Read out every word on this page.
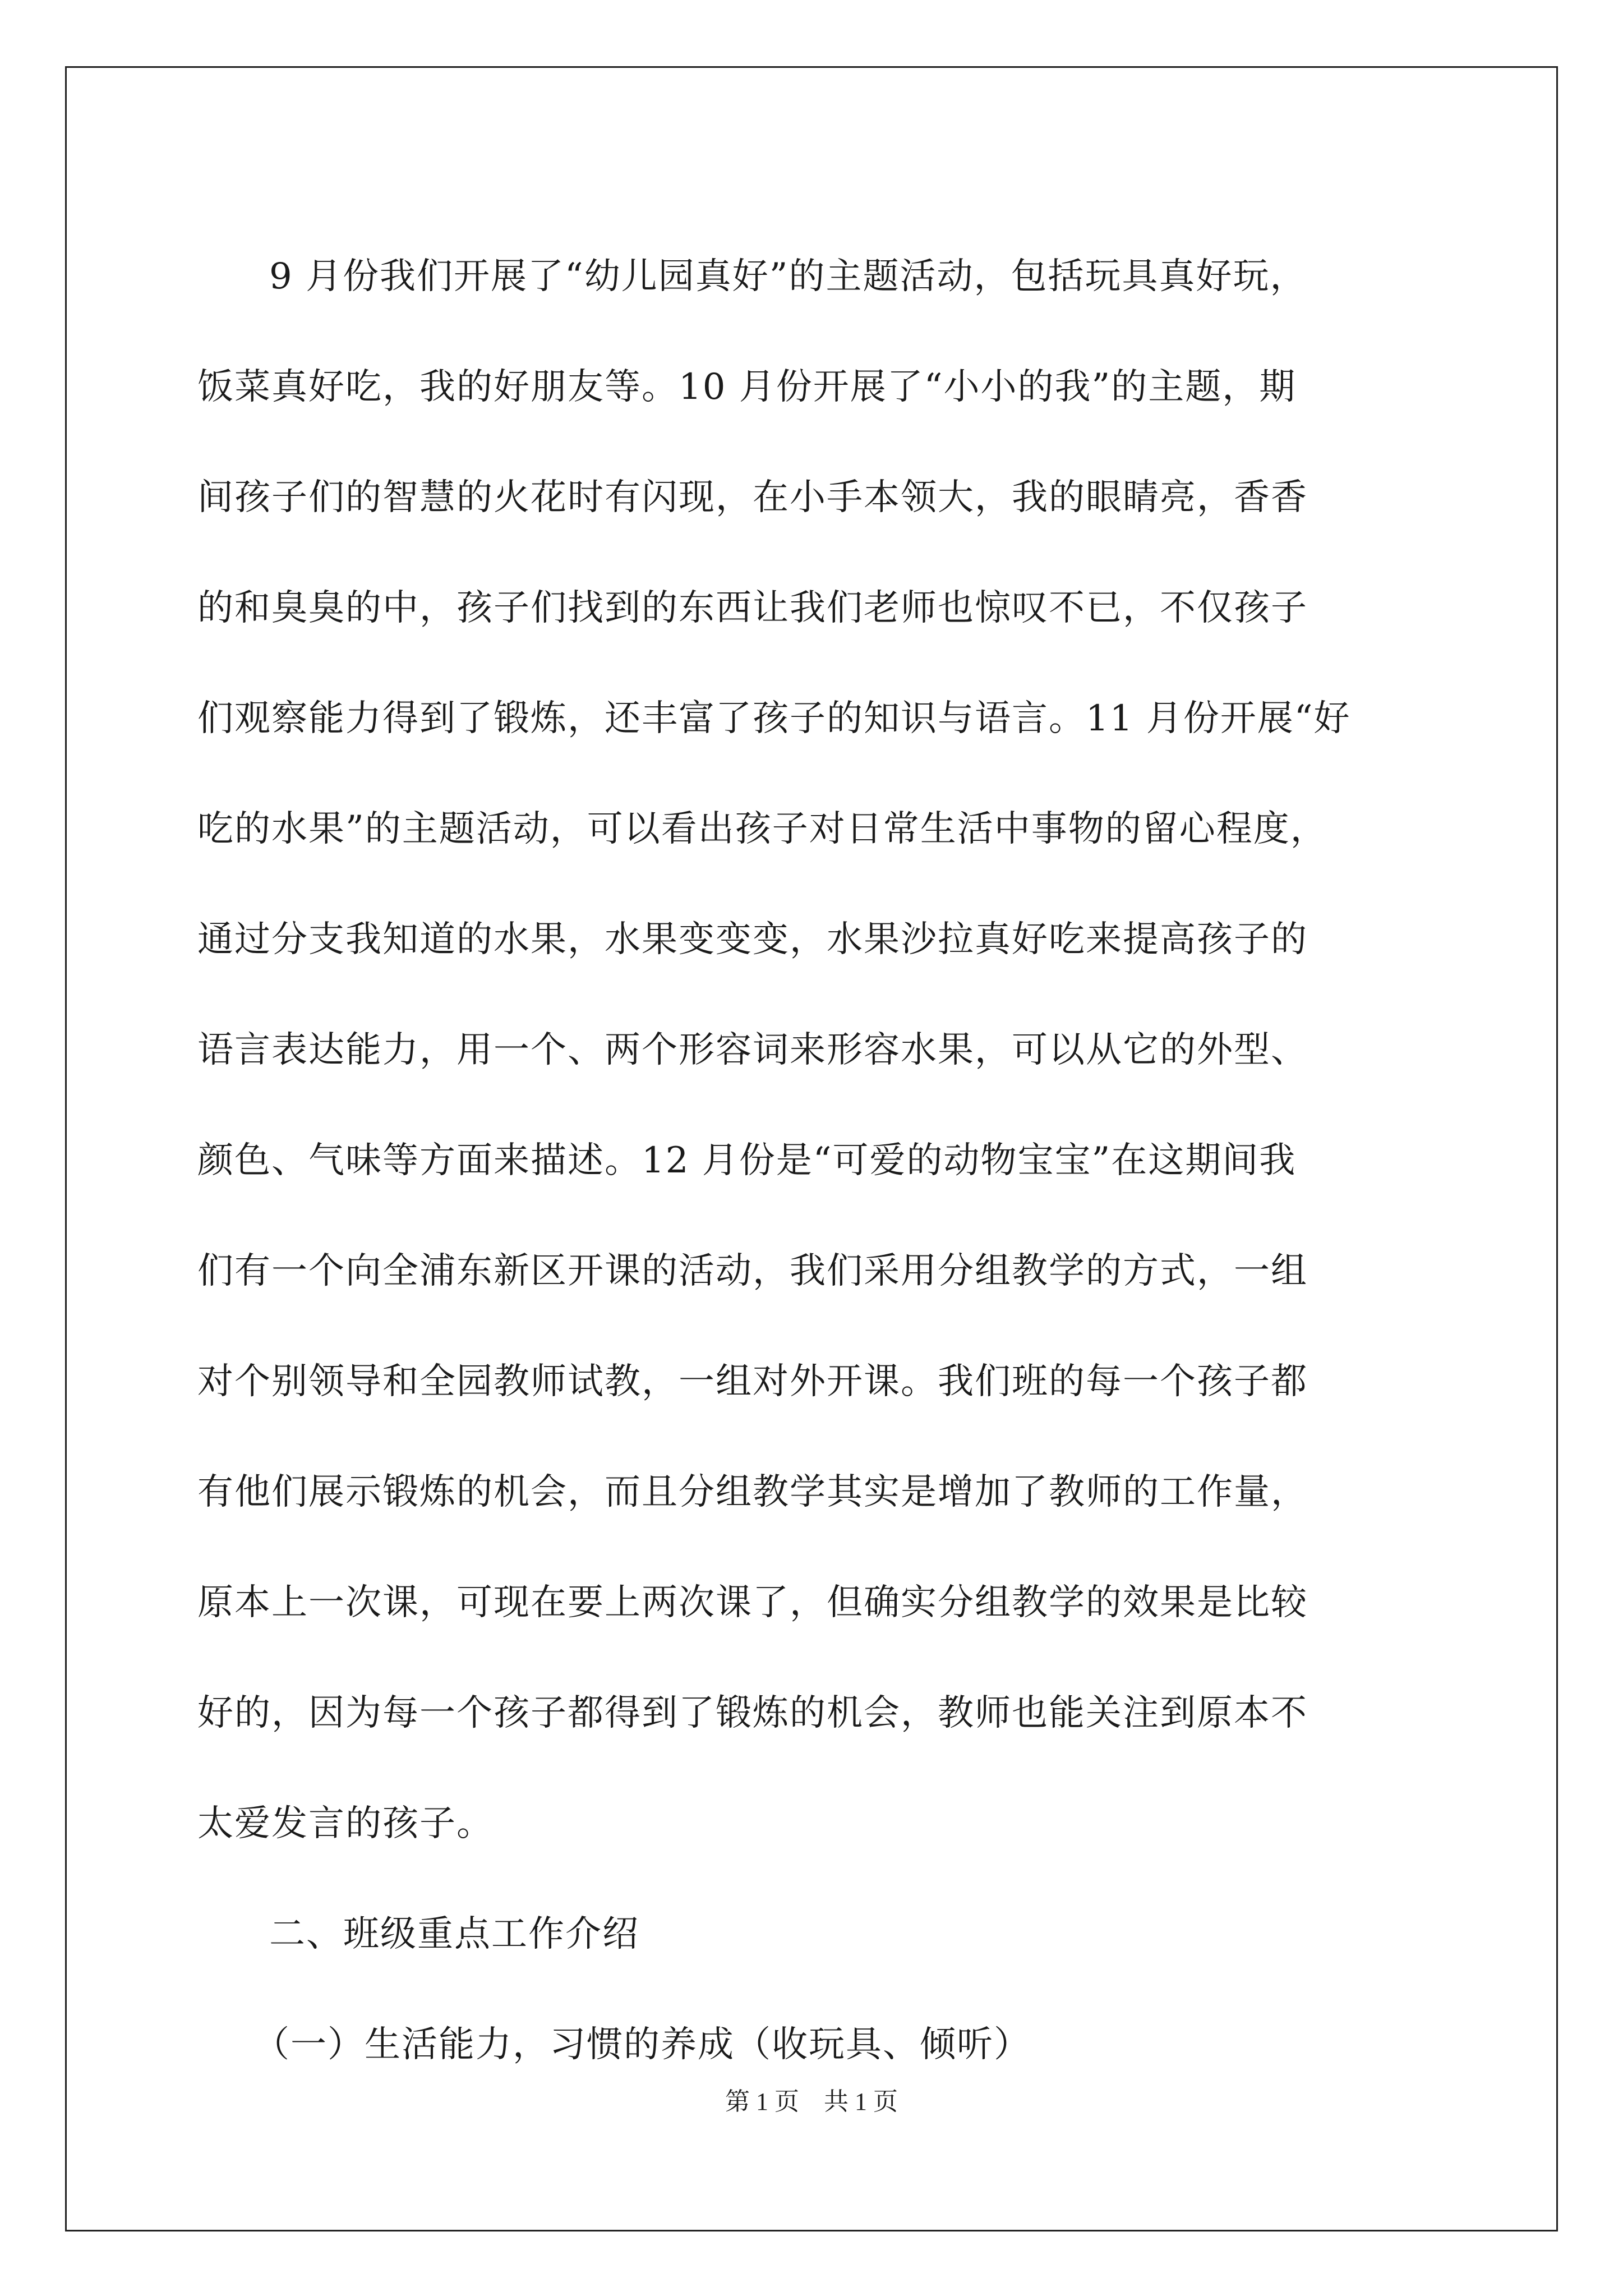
9 月份我们开展了“幼儿园真好”的主题活动，包括玩具真好玩，
饭菜真好吃，我的好朋友等。10 月份开展了“小小的我”的主题，期
间孩子们的智慧的火花时有闪现，在小手本领大，我的眼睛亮，香香
的和臭臭的中，孩子们找到的东西让我们老师也惊叹不已，不仅孩子
们观察能力得到了锻炼，还丰富了孩子的知识与语言。11 月份开展“好
吃的水果”的主题活动，可以看出孩子对日常生活中事物的留心程度，
通过分支我知道的水果，水果变变变，水果沙拉真好吃来提高孩子的
语言表达能力，用一个、两个形容词来形容水果，可以从它的外型、
颜色、气味等方面来描述。12 月份是“可爱的动物宝宝”在这期间我
们有一个向全浦东新区开课的活动，我们采用分组教学的方式，一组
对个别领导和全园教师试教，一组对外开课。我们班的每一个孩子都
有他们展示锻炼的机会，而且分组教学其实是增加了教师的工作量，
原本上一次课，可现在要上两次课了，但确实分组教学的效果是比较
好的，因为每一个孩子都得到了锻炼的机会，教师也能关注到原本不
太爱发言的孩子。
二、班级重点工作介绍
（一）生活能力，习惯的养成（收玩具、倾听）
第 1 页　共 1 页
